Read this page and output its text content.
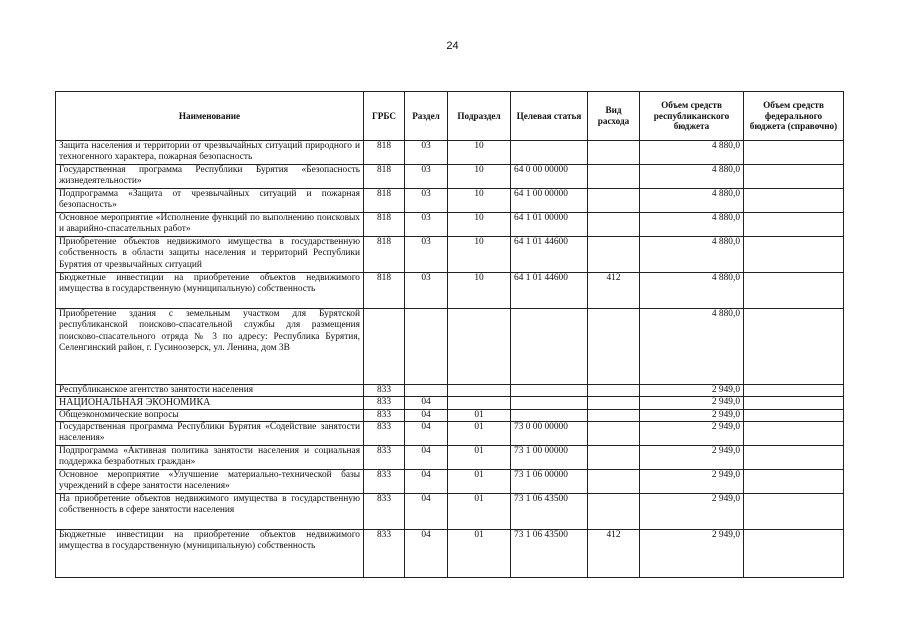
24
Наименование	ГРБС	Раздел	Подраздел	Целевая статья	Вид расхода	Объем средств республиканского бюджета	Объем средств федерального бюджета (справочно)
Защита населения и территории от чрезвычайных ситуаций природного и техногенного характера, пожарная безопасность	818	03	10			4 880,0	
Государственная программа Республики Бурятия «Безопасность жизнедеятельности»	818	03	10	64 0 00 00000		4 880,0	
Подпрограмма «Защита от чрезвычайных ситуаций и пожарная безопасность»	818	03	10	64 1 00 00000		4 880,0	
Основное мероприятие «Исполнение функций по выполнению поисковых и аварийно-спасательных работ»	818	03	10	64 1 01 00000		4 880,0	
Приобретение объектов недвижимого имущества в государственную собственность в области защиты населения и территорий Республики Бурятия от чрезвычайных ситуаций	818	03	10	64 1 01 44600		4 880,0	
Бюджетные инвестиции на приобретение объектов недвижимого имущества в государственную (муниципальную) собственность	818	03	10	64 1 01 44600	412	4 880,0	
Приобретение здания с земельным участком для Бурятской республиканской поисково-спасательной службы для размещения поисково-спасательного отряда № 3 по адресу: Республика Бурятия, Селенгинский район, г. Гусиноозерск, ул. Ленина, дом 3В						4 880,0	
Республиканское агентство занятости населения	833					2 949,0	
НАЦИОНАЛЬНАЯ ЭКОНОМИКА	833	04				2 949,0	
Общеэкономические вопросы	833	04	01			2 949,0	
Государственная программа Республики Бурятия «Содействие занятости населения»	833	04	01	73 0 00 00000		2 949,0	
Подпрограмма «Активная политика занятости населения и социальная поддержка безработных граждан»	833	04	01	73 1 00 00000		2 949,0	
Основное мероприятие «Улучшение материально-технической базы учреждений в сфере занятости населения»	833	04	01	73 1 06 00000		2 949,0	
На приобретение объектов недвижимого имущества в государственную собственность в сфере занятости населения	833	04	01	73 1 06 43500		2 949,0	
Бюджетные инвестиции на приобретение объектов недвижимого имущества в государственную (муниципальную) собственность	833	04	01	73 1 06 43500	412	2 949,0	
